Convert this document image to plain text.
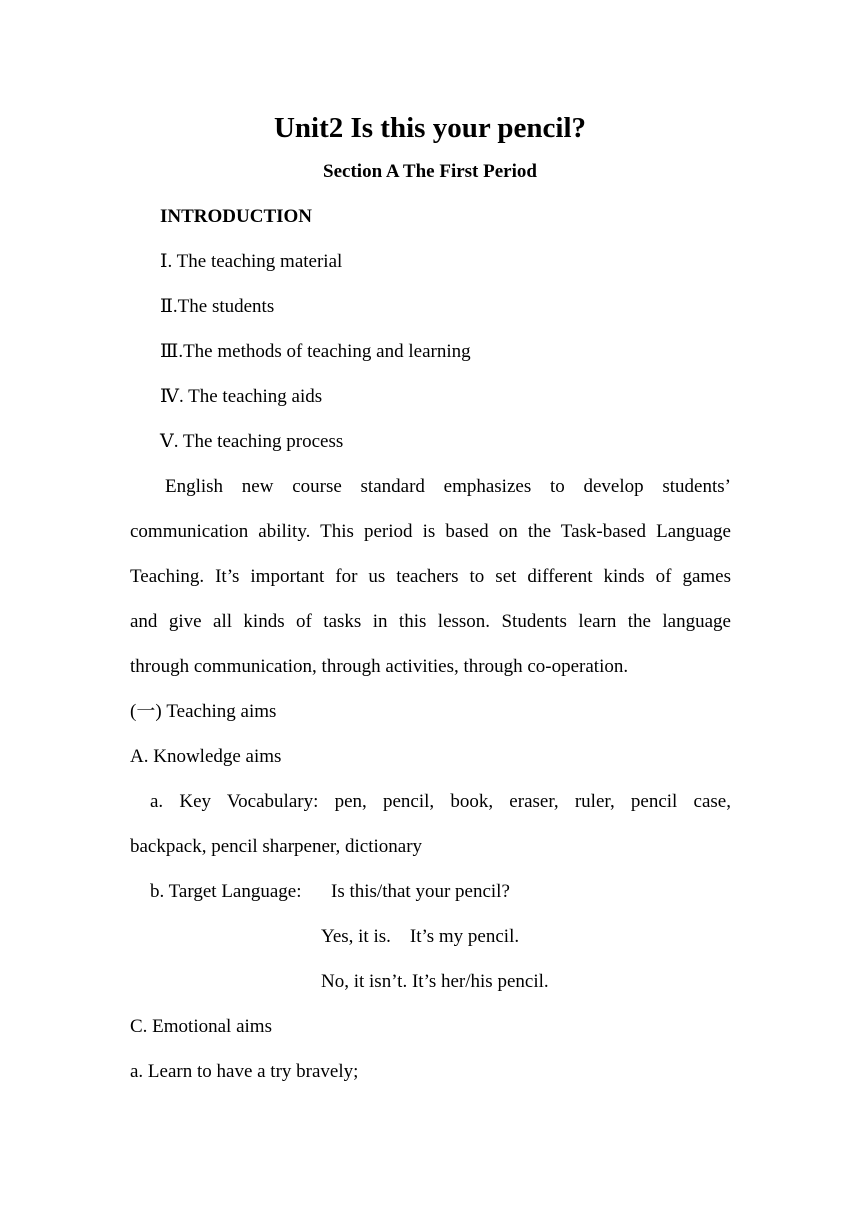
Unit2 Is this your pencil?
Section A The First Period
INTRODUCTION
Ⅰ. The teaching material
Ⅱ.The students
Ⅲ.The methods of teaching and learning
Ⅳ. The teaching aids
Ⅴ. The teaching process
English new course standard emphasizes to develop students’
communication ability. This period is based on the Task-based Language
Teaching. It’s important for us teachers to set different kinds of games
and give all kinds of tasks in this lesson. Students learn the language
through communication, through activities, through co-operation.
(一) Teaching aims
A. Knowledge aims
a. Key Vocabulary: pen, pencil, book, eraser, ruler, pencil case,
backpack, pencil sharpener, dictionary
b. Target Language: Is this/that your pencil?
Yes, it is.    It’s my pencil.
No, it isn’t. It’s her/his pencil.
C. Emotional aims
a. Learn to have a try bravely;
